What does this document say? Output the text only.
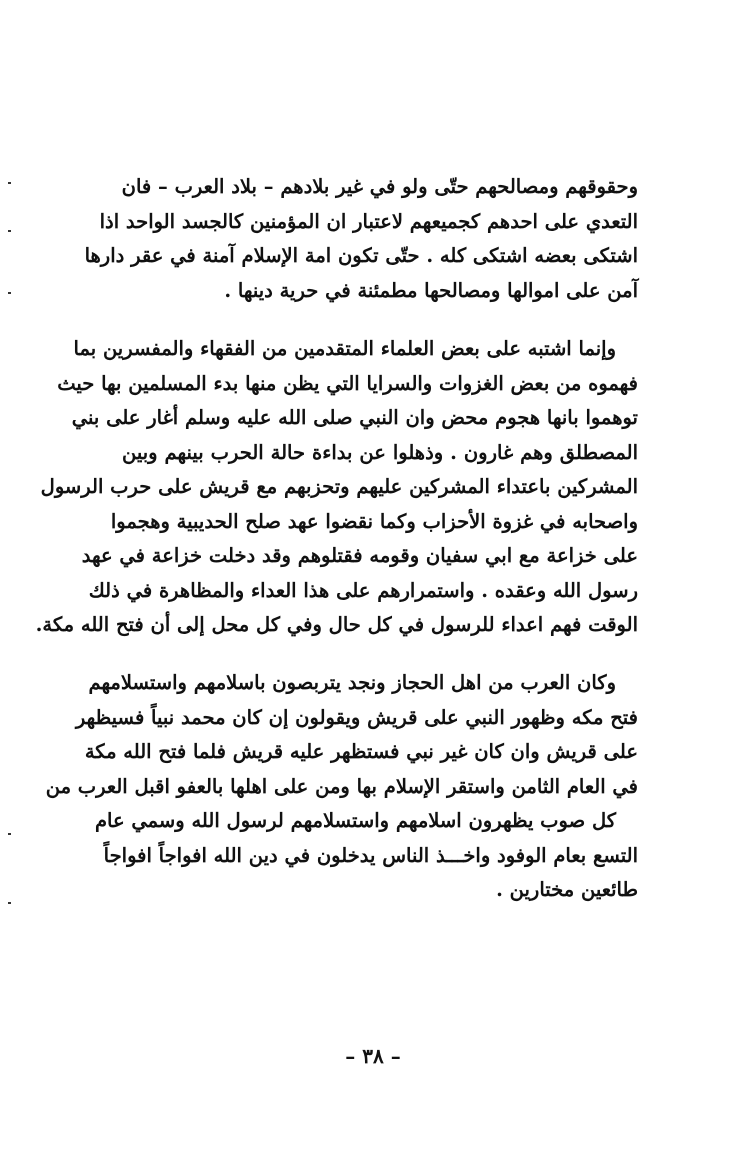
وحقوقهم ومصالحهم حتّى ولو في غير بلادهم – بلاد العرب – فان
التعدي على احدهم كجميعهم لاعتبار ان المؤمنين كالجسد الواحد اذا
اشتكى بعضه اشتكى كله . حتّى تكون امة الإسلام آمنة في عقر دارها
آمن على اموالها ومصالحها مطمئنة في حرية دينها .
وإنما اشتبه على بعض العلماء المتقدمين من الفقهاء والمفسرين بما
فهموه من بعض الغزوات والسرايا التي يظن منها بدء المسلمين بها حيث
توهموا بانها هجوم محض وان النبي صلى الله عليه وسلم أغار على بني
المصطلق وهم غارون . وذهلوا عن بداءة حالة الحرب بينهم وبين
المشركين باعتداء المشركين عليهم وتحزبهم مع قريش على حرب الرسول
واصحابه في غزوة الأحزاب وكما نقضوا عهد صلح الحديبية وهجموا
على خزاعة مع ابي سفيان وقومه فقتلوهم وقد دخلت خزاعة في عهد
رسول الله وعقده . واستمرارهم على هذا العداء والمظاهرة في ذلك
الوقت فهم اعداء للرسول في كل حال وفي كل محل إلى أن فتح الله مكة.
وكان العرب من اهل الحجاز ونجد يتربصون باسلامهم واستسلامهم
فتح مكه وظهور النبي على قريش ويقولون إن كان محمد نبياً فسيظهر
على قريش وان كان غير نبي فستظهر عليه قريش فلما فتح الله مكة
في العام الثامن واستقر الإسلام بها ومن على اهلها بالعفو اقبل العرب من
كل صوب يظهرون اسلامهم واستسلامهم لرسول الله وسمي عام
التسع بعام الوفود واخـــذ الناس يدخلون في دين الله افواجاً افواجاً
طائعين مختارين .
– ٣٨ –
